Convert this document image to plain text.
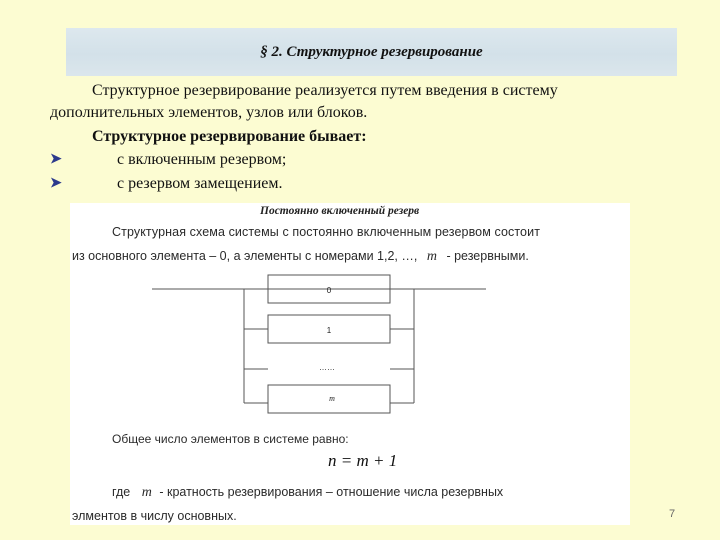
§ 2. Структурное резервирование
Структурное резервирование реализуется путем введения в систему
дополнительных элементов, узлов или блоков.
Структурное резервирование бывает:
➤	с включенным резервом;
➤	с резервом замещением.
Постоянно включенный резерв
Структурная схема системы с постоянно включенным резервом состоит
из основного элемента – 0, а элементы с номерами 1,2, …, m - резервными.
0
1
……
m
Общее число элементов в системе равно:
n = m + 1
где m - кратность резервирования – отношение числа резервных
элментов в числу основных.	7
